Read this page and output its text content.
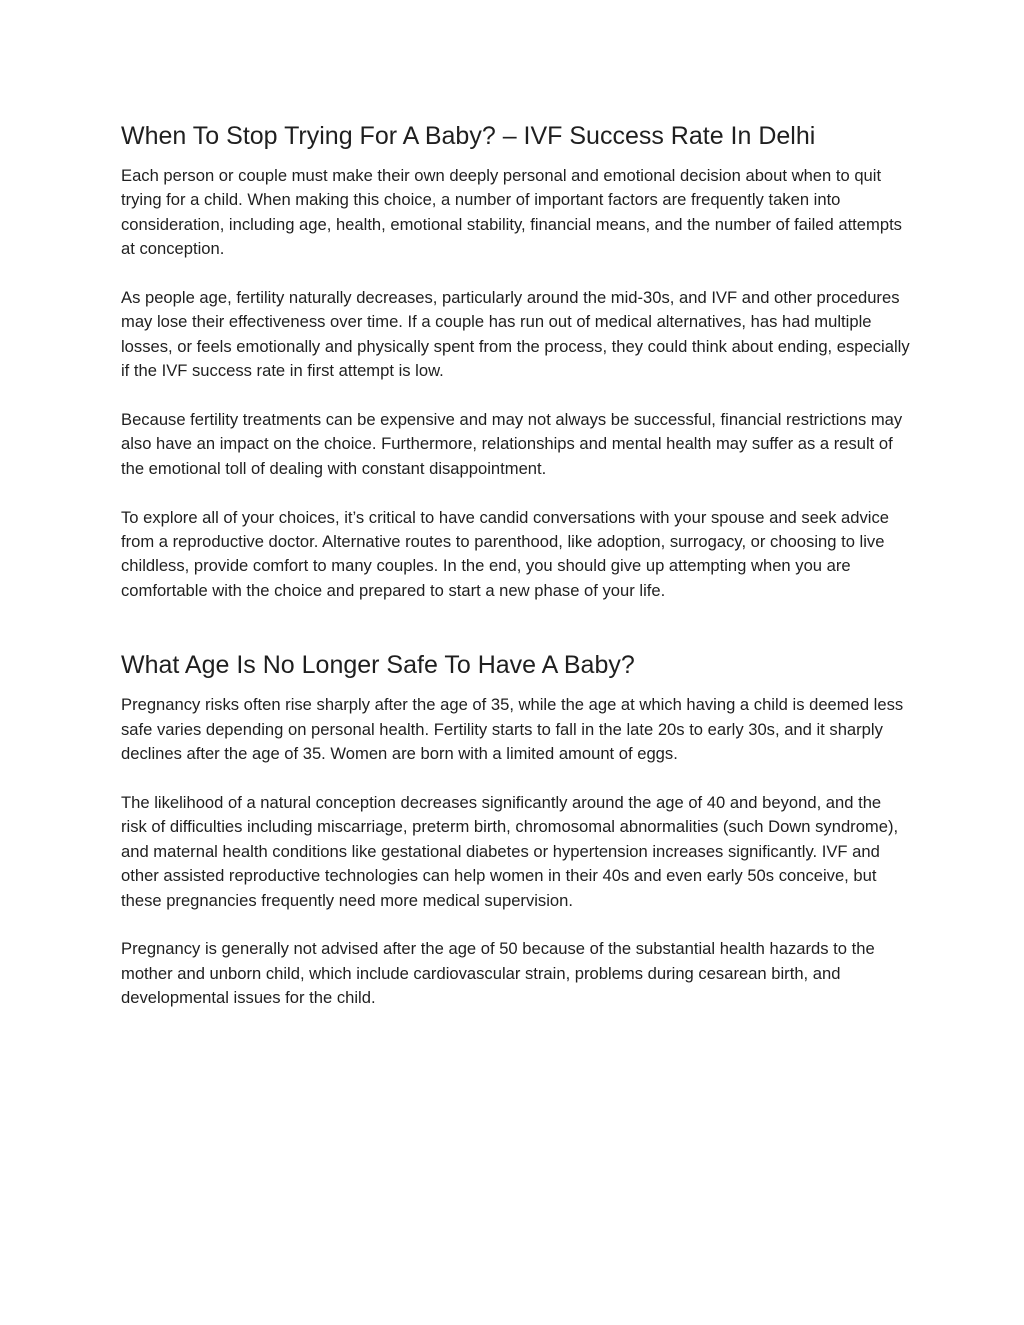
When To Stop Trying For A Baby? – IVF Success Rate In Delhi

Each person or couple must make their own deeply personal and emotional decision about when to quit trying for a child. When making this choice, a number of important factors are frequently taken into consideration, including age, health, emotional stability, financial means, and the number of failed attempts at conception.

As people age, fertility naturally decreases, particularly around the mid-30s, and IVF and other procedures may lose their effectiveness over time. If a couple has run out of medical alternatives, has had multiple losses, or feels emotionally and physically spent from the process, they could think about ending, especially if the IVF success rate in first attempt is low.

Because fertility treatments can be expensive and may not always be successful, financial restrictions may also have an impact on the choice. Furthermore, relationships and mental health may suffer as a result of the emotional toll of dealing with constant disappointment.

To explore all of your choices, it’s critical to have candid conversations with your spouse and seek advice from a reproductive doctor. Alternative routes to parenthood, like adoption, surrogacy, or choosing to live childless, provide comfort to many couples. In the end, you should give up attempting when you are comfortable with the choice and prepared to start a new phase of your life.

What Age Is No Longer Safe To Have A Baby?

Pregnancy risks often rise sharply after the age of 35, while the age at which having a child is deemed less safe varies depending on personal health. Fertility starts to fall in the late 20s to early 30s, and it sharply declines after the age of 35. Women are born with a limited amount of eggs.

The likelihood of a natural conception decreases significantly around the age of 40 and beyond, and the risk of difficulties including miscarriage, preterm birth, chromosomal abnormalities (such Down syndrome), and maternal health conditions like gestational diabetes or hypertension increases significantly. IVF and other assisted reproductive technologies can help women in their 40s and even early 50s conceive, but these pregnancies frequently need more medical supervision.

Pregnancy is generally not advised after the age of 50 because of the substantial health hazards to the mother and unborn child, which include cardiovascular strain, problems during cesarean birth, and developmental issues for the child.
